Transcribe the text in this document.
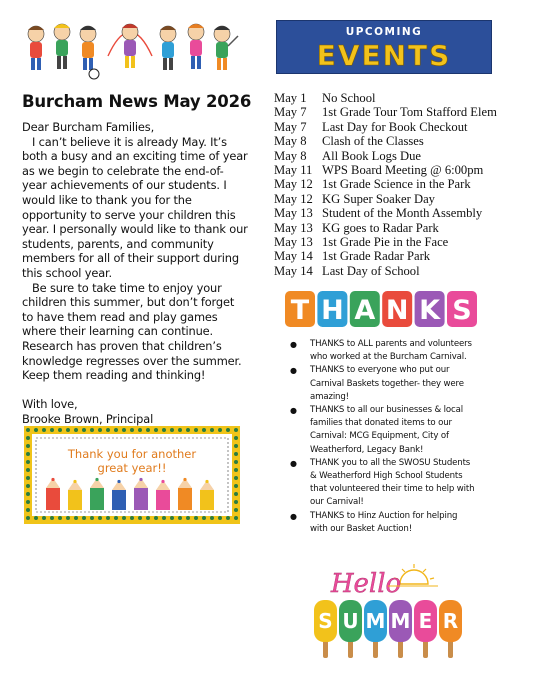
Burcham News May 2026

Dear Burcham Families,

I can’t believe it is already May. It’s both a busy and an exciting time of year as we begin to celebrate the end-of-year achievements of our students. I would like to thank you for the opportunity to serve your children this year. I personally would like to thank our students, parents, and community members for all of their support during this school year.

Be sure to take time to enjoy your children this summer, but don’t forget to have them read and play games where their learning can continue. Research has proven that children’s knowledge regresses over the summer. Keep them reading and thinking!

With love,

Brooke Brown, Principal

Thank you for another
great year!!
UPCOMING
EVENTS
May 1	No School
May 7	1st Grade Tour Tom Stafford Elem
May 7	Last Day for Book Checkout
May 8	Clash of the Classes
May 8	All Book Logs Due
May 11 WPS Board Meeting @ 6:00pm
May 12 1st Grade Science in the Park
May 12 KG Super Soaker Day
May 13 Student of the Month Assembly
May 13 KG goes to Radar Park
May 13 1st Grade Pie in the Face
May 14 1st Grade Radar Park
May 14 Last Day of School
T H A N K S
● THANKS to ALL parents and volunteers
who worked at the Burcham Carnival.
● THANKS to everyone who put our
Carnival Baskets together- they were
amazing!
● THANKS to all our businesses & local
families that donated items to our
Carnival: MCG Equipment, City of
Weatherford, Legacy Bank!
● THANK you to all the SWOSU Students
& Weatherford High School Students
that volunteered their time to help with
our Carnival!
● THANKS to Hinz Auction for helping
with our Basket Auction!
Hello
S U M M E R
